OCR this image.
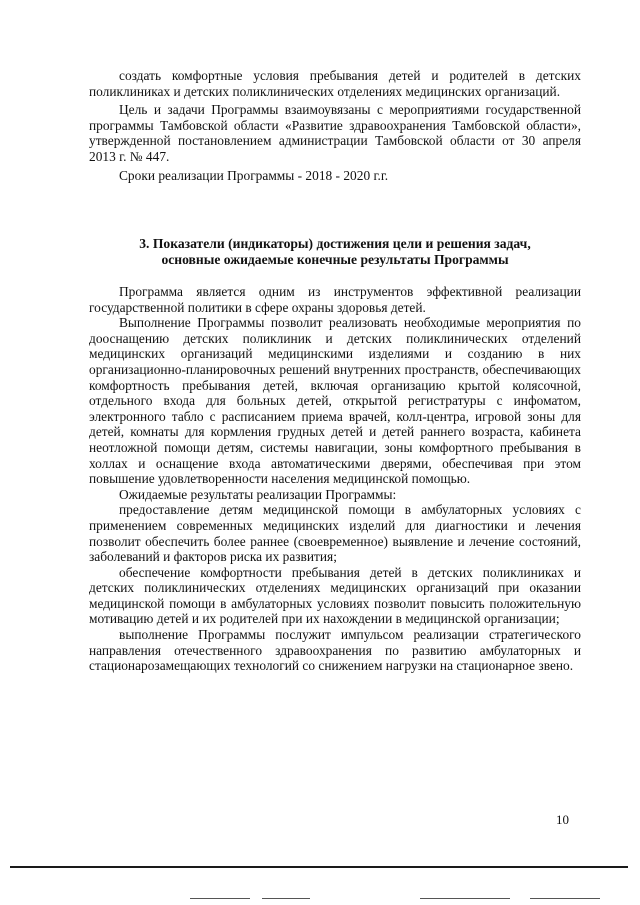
создать комфортные условия пребывания детей и родителей в детских поликлиниках и детских поликлинических отделениях медицинских организаций.

Цель и задачи Программы взаимоувязаны с мероприятиями государственной программы Тамбовской области «Развитие здравоохранения Тамбовской области», утвержденной постановлением администрации Тамбовской области от 30 апреля 2013 г. № 447.

Сроки реализации Программы - 2018 - 2020 г.г.

3. Показатели (индикаторы) достижения цели и решения задач,
основные ожидаемые конечные результаты Программы

Программа является одним из инструментов эффективной реализации государственной политики в сфере охраны здоровья детей.

Выполнение Программы позволит реализовать необходимые мероприятия по дооснащению детских поликлиник и детских поликлинических отделений медицинских организаций медицинскими изделиями и созданию в них организационно-планировочных решений внутренних пространств, обеспечивающих комфортность пребывания детей, включая организацию крытой колясочной, отдельного входа для больных детей, открытой регистратуры с инфоматом, электронного табло с расписанием приема врачей, колл-центра, игровой зоны для детей, комнаты для кормления грудных детей и детей раннего возраста, кабинета неотложной помощи детям, системы навигации, зоны комфортного пребывания в холлах и оснащение входа автоматическими дверями, обеспечивая при этом повышение удовлетворенности населения медицинской помощью.

Ожидаемые результаты реализации Программы:

предоставление детям медицинской помощи в амбулаторных условиях с применением современных медицинских изделий для диагностики и лечения позволит обеспечить более раннее (своевременное) выявление и лечение состояний, заболеваний и факторов риска их развития;

обеспечение комфортности пребывания детей в детских поликлиниках и детских поликлинических отделениях медицинских организаций при оказании медицинской помощи в амбулаторных условиях позволит повысить положительную мотивацию детей и их родителей при их нахождении в медицинской организации;

выполнение Программы послужит импульсом реализации стратегического направления отечественного здравоохранения по развитию амбулаторных и стационарозамещающих технологий со снижением нагрузки на стационарное звено.

10
